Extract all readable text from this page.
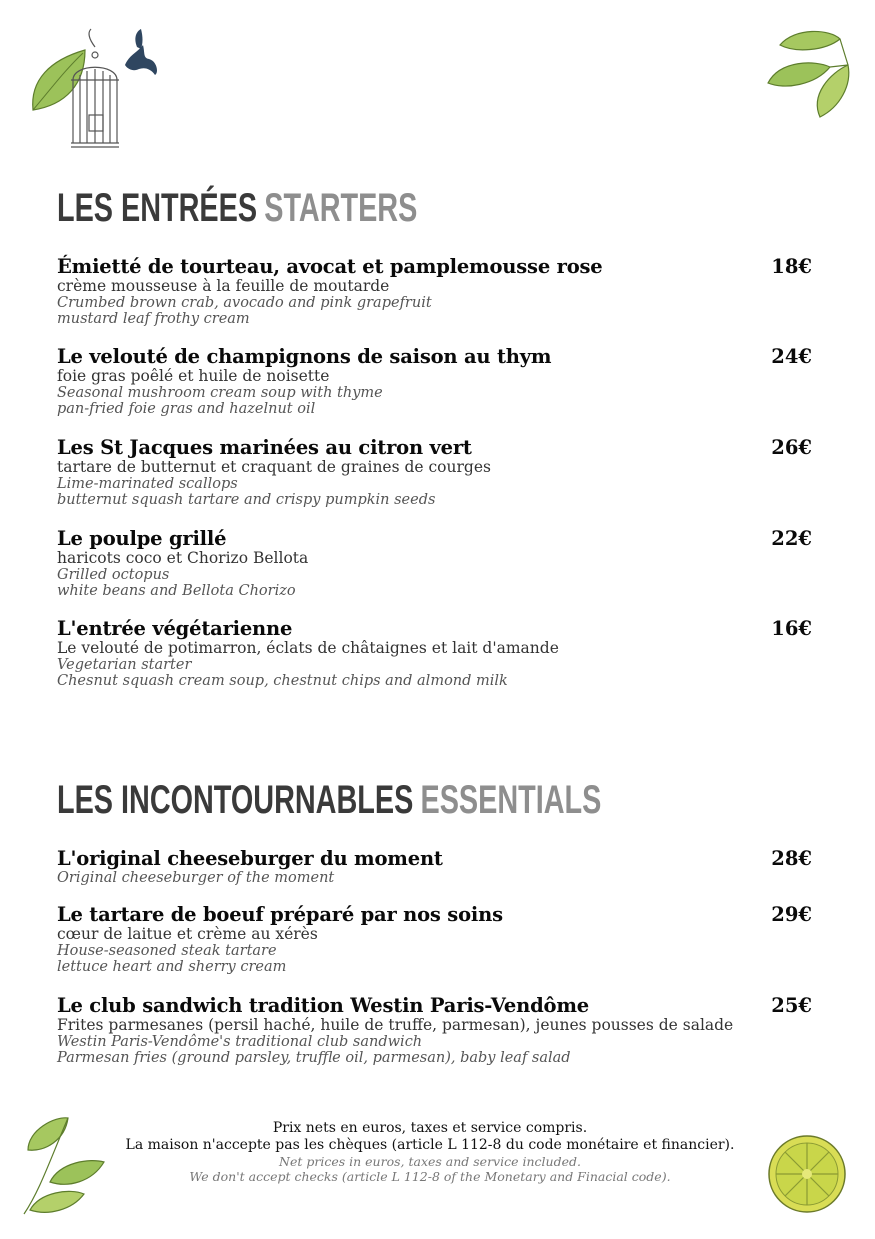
LES ENTRÉES STARTERS
Émietté de tourteau, avocat et pamplemousse rose	18€
crème mousseuse à la feuille de moutarde
Crumbed brown crab, avocado and pink grapefruit
mustard leaf frothy cream
Le velouté de champignons de saison au thym	24€
foie gras poêlé et huile de noisette
Seasonal mushroom cream soup with thyme
pan-fried foie gras and hazelnut oil
Les St Jacques marinées au citron vert	26€
tartare de butternut et craquant de graines de courges
Lime-marinated scallops
butternut squash tartare and crispy pumpkin seeds
Le poulpe grillé	22€
haricots coco et Chorizo Bellota
Grilled octopus
white beans and Bellota Chorizo
L'entrée végétarienne	16€
Le velouté de potimarron, éclats de châtaignes et lait d'amande
Vegetarian starter
Chesnut squash cream soup, chestnut chips and almond milk
LES INCONTOURNABLES ESSENTIALS
L'original cheeseburger du moment	28€
Original cheeseburger of the moment
Le tartare de boeuf préparé par nos soins	29€
cœur de laitue et crème au xérès
House-seasoned steak tartare
lettuce heart and sherry cream
Le club sandwich tradition Westin Paris-Vendôme	25€
Frites parmesanes (persil haché, huile de truffe, parmesan), jeunes pousses de salade
Westin Paris-Vendôme's traditional club sandwich
Parmesan fries (ground parsley, truffle oil, parmesan), baby leaf salad
Prix nets en euros, taxes et service compris.
La maison n'accepte pas les chèques (article L 112-8 du code monétaire et financier).
Net prices in euros, taxes and service included.
We don't accept checks (article L 112-8 of the Monetary and Finacial code).
